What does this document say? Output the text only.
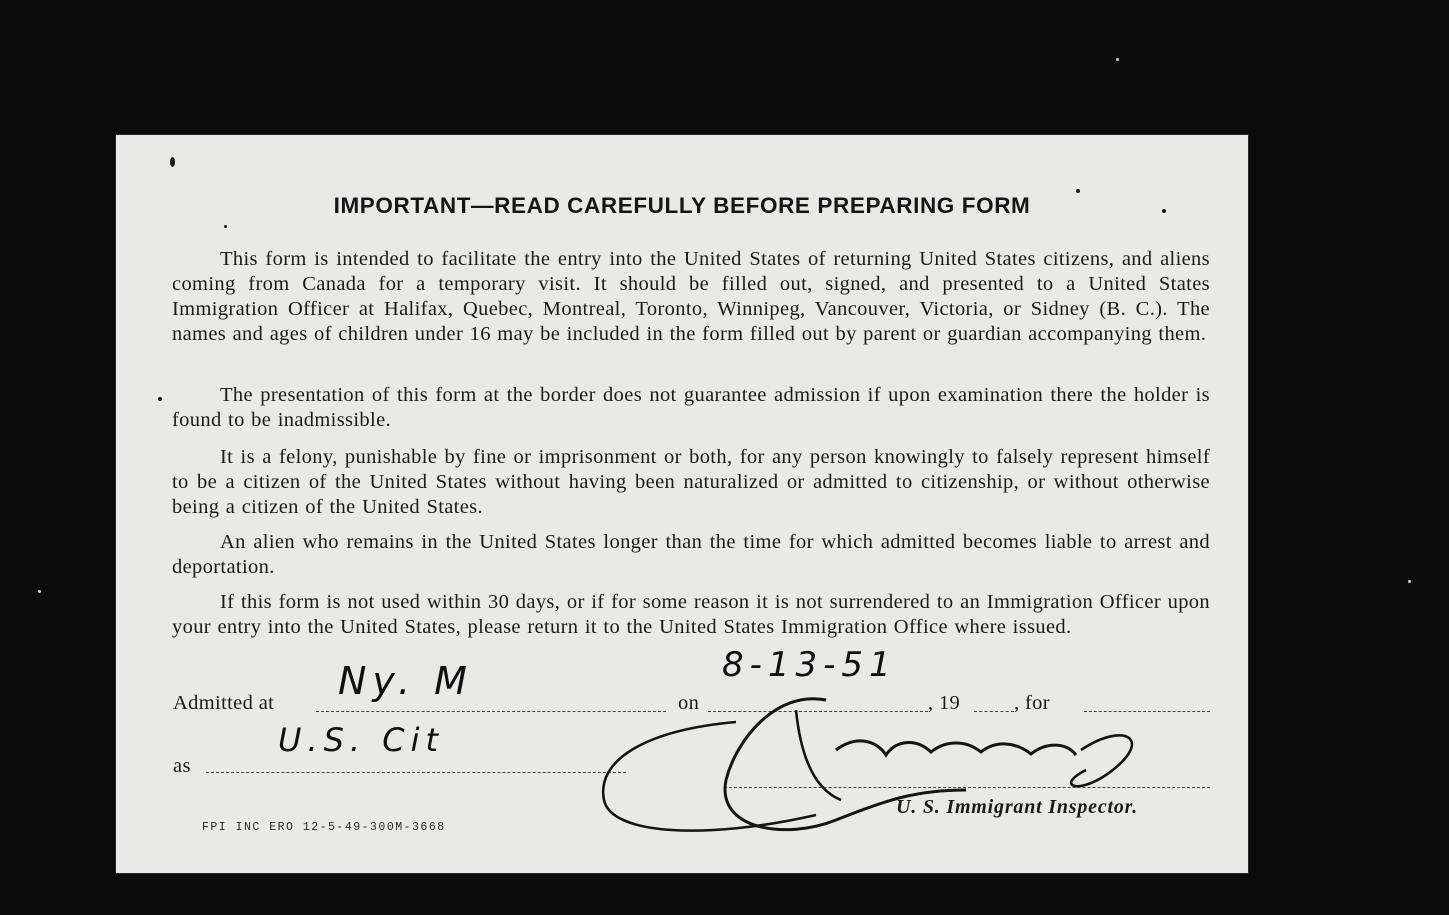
IMPORTANT—READ CAREFULLY BEFORE PREPARING FORM
This form is intended to facilitate the entry into the United States of returning United States citizens, and aliens coming from Canada for a temporary visit. It should be filled out, signed, and presented to a United States Immigration Officer at Halifax, Quebec, Montreal, Toronto, Winnipeg, Vancouver, Victoria, or Sidney (B. C.). The names and ages of children under 16 may be included in the form filled out by parent or guardian accompanying them.
The presentation of this form at the border does not guarantee admission if upon examination there the holder is found to be inadmissible.
It is a felony, punishable by fine or imprisonment or both, for any person knowingly to falsely represent himself to be a citizen of the United States without having been naturalized or admitted to citizenship, or without otherwise being a citizen of the United States.
An alien who remains in the United States longer than the time for which admitted becomes liable to arrest and deportation.
If this form is not used within 30 days, or if for some reason it is not surrendered to an Immigration Officer upon your entry into the United States, please return it to the United States Immigration Office where issued.
Admitted at Ny. M	on
8-13-51
, 19	, for
as
U.S. Cit
U. S. Immigrant Inspector.
FPI INC ERO 12-5-49-300M-3668
